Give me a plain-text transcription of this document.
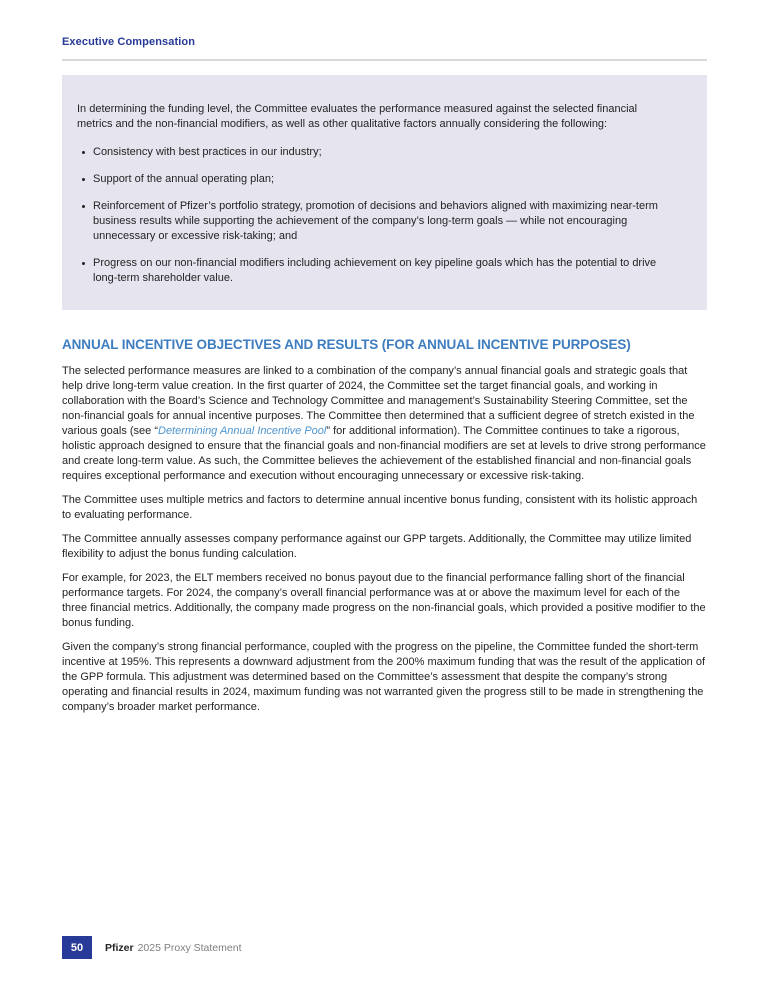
Executive Compensation

In determining the funding level, the Committee evaluates the performance measured against the selected financial metrics and the non-financial modifiers, as well as other qualitative factors annually considering the following:

Consistency with best practices in our industry;
Support of the annual operating plan;
Reinforcement of Pfizer’s portfolio strategy, promotion of decisions and behaviors aligned with maximizing near-term business results while supporting the achievement of the company’s long-term goals — while not encouraging unnecessary or excessive risk-taking; and
Progress on our non-financial modifiers including achievement on key pipeline goals which has the potential to drive long-term shareholder value.
ANNUAL INCENTIVE OBJECTIVES AND RESULTS (FOR ANNUAL INCENTIVE PURPOSES)

The selected performance measures are linked to a combination of the company’s annual financial goals and strategic goals that help drive long-term value creation. In the first quarter of 2024, the Committee set the target financial goals, and working in collaboration with the Board’s Science and Technology Committee and management’s Sustainability Steering Committee, set the non-financial goals for annual incentive purposes. The Committee then determined that a sufficient degree of stretch existed in the various goals (see “Determining Annual Incentive Pool” for additional information). The Committee continues to take a rigorous, holistic approach designed to ensure that the financial goals and non-financial modifiers are set at levels to drive strong performance and create long-term value. As such, the Committee believes the achievement of the established financial and non-financial goals requires exceptional performance and execution without encouraging unnecessary or excessive risk-taking.

The Committee uses multiple metrics and factors to determine annual incentive bonus funding, consistent with its holistic approach to evaluating performance.

The Committee annually assesses company performance against our GPP targets. Additionally, the Committee may utilize limited flexibility to adjust the bonus funding calculation.

For example, for 2023, the ELT members received no bonus payout due to the financial performance falling short of the financial performance targets. For 2024, the company’s overall financial performance was at or above the maximum level for each of the three financial metrics. Additionally, the company made progress on the non-financial goals, which provided a positive modifier to the bonus funding.

Given the company’s strong financial performance, coupled with the progress on the pipeline, the Committee funded the short-term incentive at 195%. This represents a downward adjustment from the 200% maximum funding that was the result of the application of the GPP formula. This adjustment was determined based on the Committee’s assessment that despite the company’s strong operating and financial results in 2024, maximum funding was not warranted given the progress still to be made in strengthening the company’s broader market performance.

50	Pfizer 2025 Proxy Statement
